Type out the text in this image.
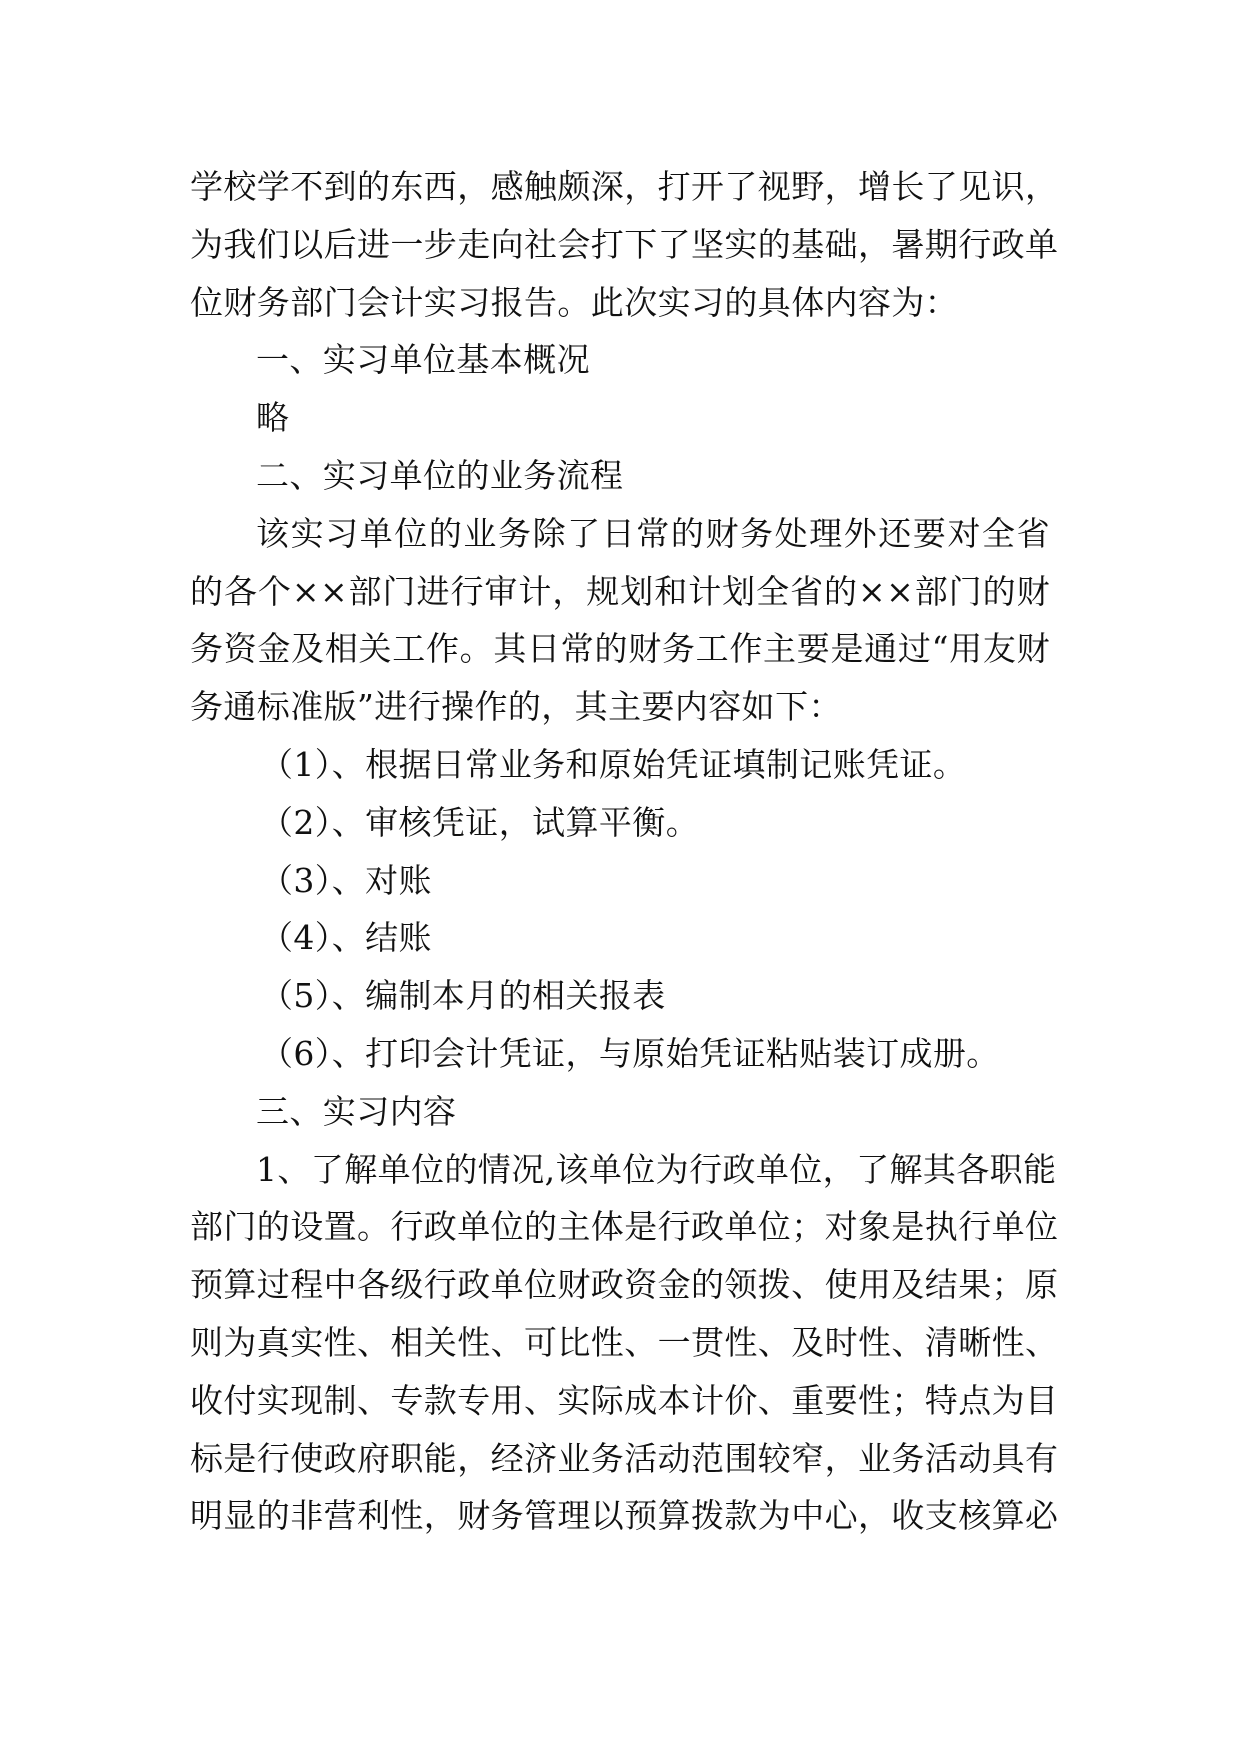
学校学不到的东西，感触颇深，打开了视野，增长了见识，
为我们以后进一步走向社会打下了坚实的基础，暑期行政单
位财务部门会计实习报告。此次实习的具体内容为：
一、实习单位基本概况
略
二、实习单位的业务流程
该实习单位的业务除了日常的财务处理外还要对全省
的各个××部门进行审计，规划和计划全省的××部门的财
务资金及相关工作。其日常的财务工作主要是通过“用友财
务通标准版”进行操作的，其主要内容如下：
（1）、根据日常业务和原始凭证填制记账凭证。
（2）、审核凭证，试算平衡。
（3）、对账
（4）、结账
（5）、编制本月的相关报表
（6）、打印会计凭证，与原始凭证粘贴装订成册。
三、实习内容
1、了解单位的情况,该单位为行政单位，了解其各职能
部门的设置。行政单位的主体是行政单位；对象是执行单位
预算过程中各级行政单位财政资金的领拨、使用及结果；原
则为真实性、相关性、可比性、一贯性、及时性、清晰性、
收付实现制、专款专用、实际成本计价、重要性；特点为目
标是行使政府职能，经济业务活动范围较窄，业务活动具有
明显的非营利性，财务管理以预算拨款为中心，收支核算必
